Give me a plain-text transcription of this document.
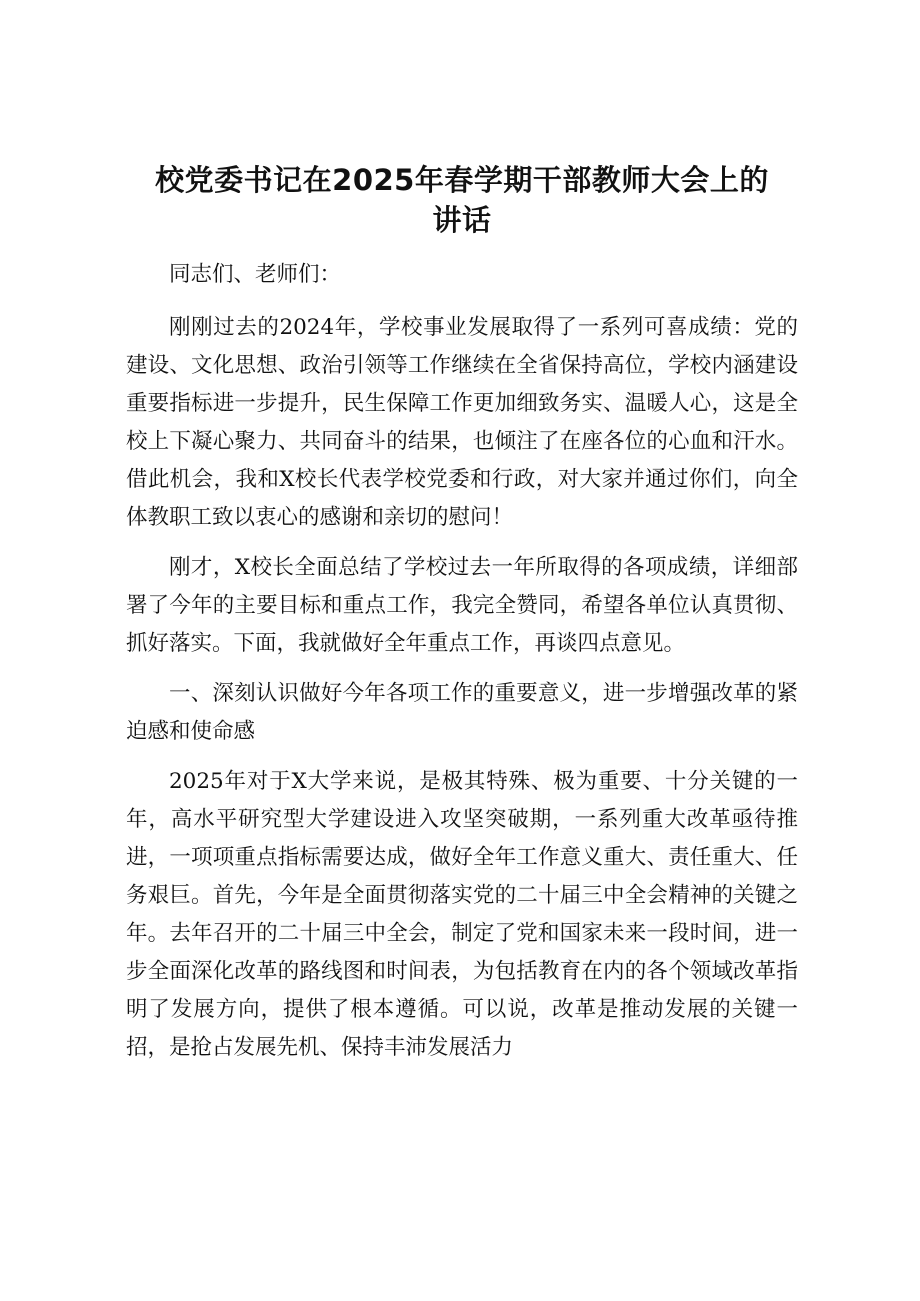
校党委书记在2025年春学期干部教师大会上的
讲话

同志们、老师们：

刚刚过去的2024年，学校事业发展取得了一系列可喜成绩：党的建设、文化思想、政治引领等工作继续在全省保持高位，学校内涵建设重要指标进一步提升，民生保障工作更加细致务实、温暖人心，这是全校上下凝心聚力、共同奋斗的结果，也倾注了在座各位的心血和汗水。借此机会，我和X校长代表学校党委和行政，对大家并通过你们，向全体教职工致以衷心的感谢和亲切的慰问！

刚才，X校长全面总结了学校过去一年所取得的各项成绩，详细部署了今年的主要目标和重点工作，我完全赞同，希望各单位认真贯彻、抓好落实。下面，我就做好全年重点工作，再谈四点意见。

一、深刻认识做好今年各项工作的重要意义，进一步增强改革的紧迫感和使命感

2025年对于X大学来说，是极其特殊、极为重要、十分关键的一年，高水平研究型大学建设进入攻坚突破期，一系列重大改革亟待推进，一项项重点指标需要达成，做好全年工作意义重大、责任重大、任务艰巨。首先，今年是全面贯彻落实党的二十届三中全会精神的关键之年。去年召开的二十届三中全会，制定了党和国家未来一段时间，进一步全面深化改革的路线图和时间表，为包括教育在内的各个领域改革指明了发展方向，提供了根本遵循。可以说，改革是推动发展的关键一招，是抢占发展先机、保持丰沛发展活力
